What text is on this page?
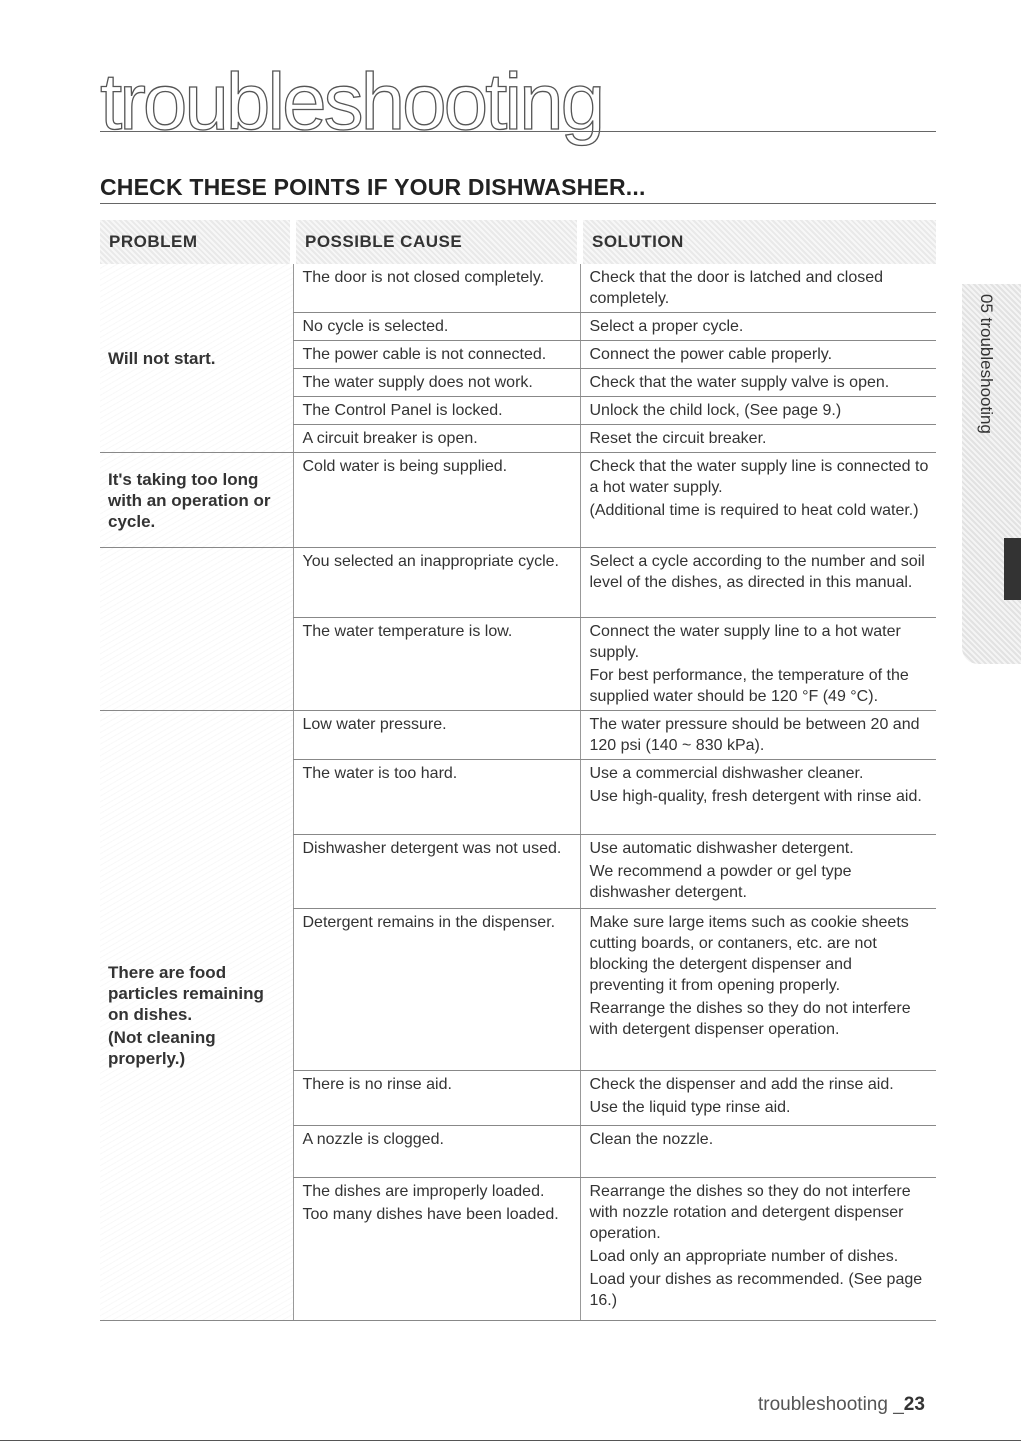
troubleshooting
CHECK THESE POINTS IF YOUR DISHWASHER...
PROBLEM	POSSIBLE CAUSE	SOLUTION

Will not start.	The door is not closed completely.	Check that the door is latched and closed completely.

	No cycle is selected.	Select a proper cycle.

	The power cable is not connected.	Connect the power cable properly.

	The water supply does not work.	Check that the water supply valve is open.

	The Control Panel is locked.	Unlock the child lock, (See page 9.)

	A circuit breaker is open.	Reset the circuit breaker.

It's taking too long with an operation or cycle.	Cold water is being supplied.	Check that the water supply line is connected to a hot water supply.
(Additional time is required to heat cold water.)

	You selected an inappropriate cycle.	Select a cycle according to the number and soil level of the dishes, as directed in this manual.

	The water temperature is low.	Connect the water supply line to a hot water supply.
For best performance, the temperature of the supplied water should be 120 °F (49 °C).

There are food particles remaining on dishes.
(Not cleaning properly.)	Low water pressure.	The water pressure should be between 20 and 120 psi (140 ~ 830 kPa).

	The water is too hard.	Use a commercial dishwasher cleaner.
Use high-quality, fresh detergent with rinse aid.

	Dishwasher detergent was not used.	Use automatic dishwasher detergent.
We recommend a powder or gel type dishwasher detergent.

	Detergent remains in the dispenser.	Make sure large items such as cookie sheets cutting boards, or contaners, etc. are not blocking the detergent dispenser and preventing it from opening properly.
Rearrange the dishes so they do not interfere with detergent dispenser operation.

	There is no rinse aid.	Check the dispenser and add the rinse aid.
Use the liquid type rinse aid.

	A nozzle is clogged.	Clean the nozzle.

	The dishes are improperly loaded.
Too many dishes have been loaded.	Rearrange the dishes so they do not interfere with nozzle rotation and detergent dispenser operation.
Load only an appropriate number of dishes.
Load your dishes as recommended. (See page 16.)
05 troubleshooting

troubleshooting _23
